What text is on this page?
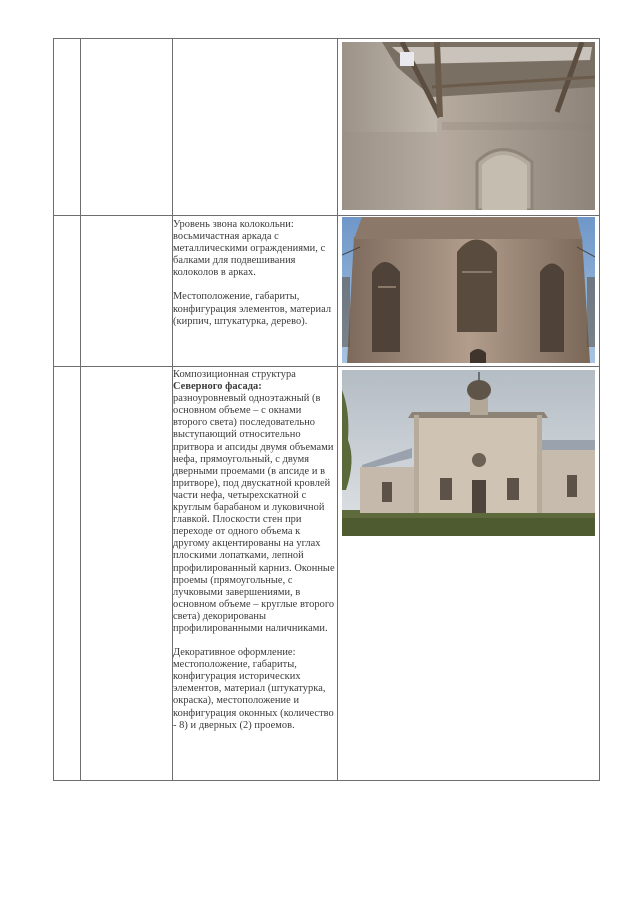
		Уровень звона колокольни: восьмичастная аркада с металлическими ограждениями, с балками для подвешивания колоколов в арках.

Местоположение, габариты, конфигурация элементов, материал (кирпич, штукатурка, дерево).

		Композиционная структура
Северного фасада:
разноуровневый одноэтажный (в основном объеме – с окнами второго света) последовательно выступающий относительно притвора и апсиды двумя объемами нефа, прямоугольный, с двумя дверными проемами (в апсиде и в притворе), под двускатной кровлей части нефа, четырехскатной с круглым барабаном и луковичной главкой. Плоскости стен при переходе от одного объема к другому акцентированы на углах плоскими лопатками, лепной профилированный карниз. Оконные проемы (прямоугольные, с лучковыми завершениями, в основном объеме – круглые второго света) декорированы профилированными наличниками.

Декоративное оформление: местоположение, габариты, конфигурация исторических элементов, материал (штукатурка, окраска), местоположение и конфигурация оконных (количество - 8) и дверных (2) проемов.
